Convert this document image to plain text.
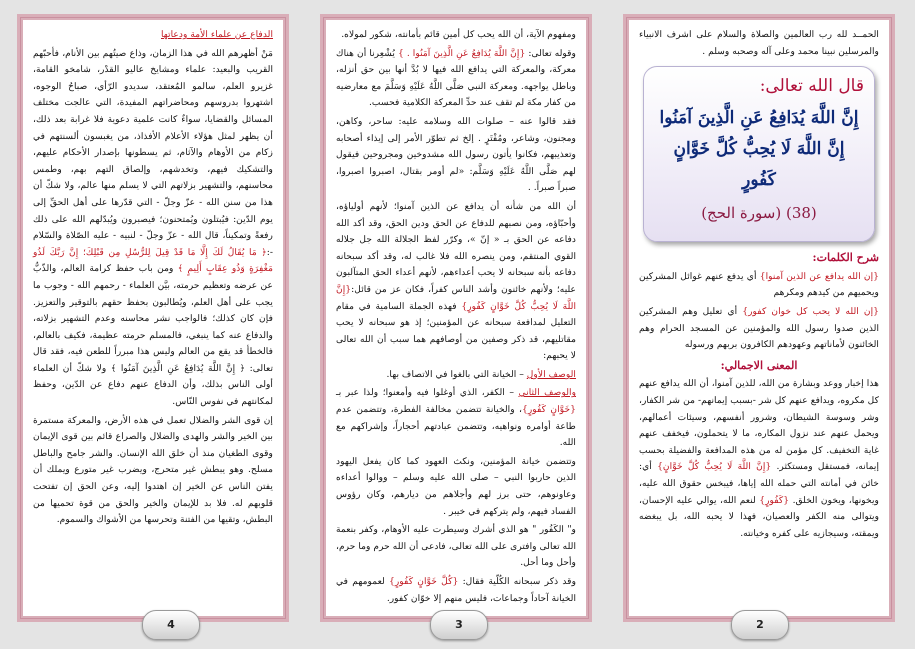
الحمــد لله رب العالمين والصلاة والسلام على اشرف الانبياء والمرسلين نبينا محمد وعلى آله وصحبه وسلم .
قال الله تعالى:
إِنَّ اللَّهَ يُدَافِعُ عَنِ الَّذِينَ آمَنُوا إِنَّ اللَّهَ لَا يُحِبُّ كُلَّ خَوَّانٍ كَفُورٍ
(38) (سورة الحج)
شرح الكلمات:
{إن الله يدافع عن الذين آمنوا} أي يدفع عنهم غوائل المشركين ويحميهم من كيدهم ومكرهم
{إن الله لا يحب كل خوان كفور} أي تعليل وهم المشركين الذين صدوا رسول الله والمؤمنين عن المسجد الحرام وهم الخائنون لأماناتهم وعهودهم الكافرون بربهم ورسوله
المعنى الاجمالي:
هذا إخبار ووعد وبشارة من الله، للذين آمنوا، أن الله يدافع عنهم كل مكروه، ويدافع عنهم كل شر -بسبب إيمانهم- من شر الكفار، وشر وسوسة الشيطان، وشرور أنفسهم، وسيئات أعمالهم، ويحمل عنهم عند نزول المكاره، ما لا يتحملون، فيخفف عنهم غاية التخفيف. كل مؤمن له من هذه المدافعة والفضيلة بحسب إيمانه، فمستقل ومستكثر. {إِنَّ اللَّهَ لَا يُحِبُّ كُلَّ خَوَّانٍ} أي: خائن في أمانته التي حمله الله إياها، فيبخس حقوق الله عليه، ويخونها، ويخون الخلق. {كَفُورٍ} لنعم الله، يوالي عليه الإحسان، ويتوالى منه الكفر والعصيان، فهذا لا يحبه الله، بل يبغضه ويمقته، وسيجازيه على كفره وخيانته.
ومفهوم الآية، أن الله يحب كل أمين قائم بأمانته، شكور لمولاه.
وقوله تعالى: {إِنَّ اللَّهَ يُدَافِعُ عَنِ الَّذِينَ آمَنُوا . } يُشْعِرنا أن هناك معركة، والمعركة التي يدافع الله فيها لا بُدَّ أنها بين حق أنزله، وباطل يواجهه. ومعركة النبي صَلَّى اللَّهُ عَلَيْهِ وَسَلَّمَ مع معارضيه من كفار مكة لم تقف عند حدِّ المعركة الكلامية فحسب.
فقد قالوا عنه – صلوات الله وسلامه عليه: ساحر، وكاهن، ومجنون، وشاعر، ومُفْتَرٍ . إلخ ثم تطوّر الأمر إلى إيذاء أصحابه وتعذيبهم، فكانوا يأتون رسول الله مشدوخين ومجروحين فيقول لهم صَلَّى اللَّهُ عَلَيْهِ وَسَلَّم: «لم أومر بقتال، اصبروا اصبروا، صبراً صبراً. .
أن الله من شأنه أن يدافع عن الذين آمنوا؛ لأنهم أولياؤه، وأحبّاؤه، ومن نصبهم للدفاع عن الحق ودين الحق، وقد أكد الله دفاعه عن الحق بـ « إنّ »، وكرّر لفظ الجلالة الله جل جلاله القوي المنتقم، ومن ينصره الله فلا غالب له، وقد أكد سبحانه دفاعه بأنه سبحانه لا يحب أعداءهم، لأنهم أعداء الحق المتآلبون عليه؛ ولأنهم خائنون وأشد الناس كفراً، فكان عز من قائل:{إِنَّ اللَّهَ لَا يُحِبُّ كُلَّ خَوَّانٍ كَفُورٍ} فهذه الجملة السامية في مقام التعليل لمدافعة سبحانه عن المؤمنين؛ إذ هو سبحانه لا يحب مقاتليهم، قد ذكر وصفين من أوصافهم هما سبب أن الله تعالى لا يحبهم:
الوصف الأول – الخيانة التي بالغوا في الاتصاف بها.
والوصف الثاني – الكفر، الذي أوغلوا فيه وأمعنوا؛ ولذا عبر بـ {خَوَّانٍ كَفُورٍ}، والخيانة تتضمن مخالفة الفطرة، وتتضمن عدم طاعة أوامره ونواهيه، وتتضمن عبادتهم أحجاراً، وإشراكهم مع الله.
وتتضمن خيانة المؤمنين، ونكث العهود كما كان يفعل اليهود الذين حاربوا النبي – صلى الله عليه وسلم – ووالوا أعداءه وعاونوهم، حتى برز لهم وأجلاهم من ديارهم، وكان رؤوس الفساد فيهم، ولم يتركهم في خيبر .
و" الكَفُور " هو الذي أشرك وسيطرت عليه الأوهام، وكفر بنعمة الله تعالى وافترى على الله تعالى، فادعى أن الله حرم وما حرم، وأحل وما أحل.
وقد ذكر سبحانه الكُلّية فقال: {كُلَّ خَوَّانٍ كَفُورٍ} لعمومهم في الخيانة آحاداً وجماعات، فليس منهم إلا خوّان كفور.
الدفاع عن علماء الأمة ودعاتها
مَنْ أظهرهم الله في هذا الزمان، وذاع صيتُهم بين الأنام، فأحبّهم القريب والبعيد: علماء ومشايخ عاليو القدْر، شامخو القامة، غزيرو العلم، سالمو المُعتقد، سديدو الرّأي، صباحُ الوجوه، اشتهروا بدروسهم ومحاضراتهم المفيدة، التي عالجت مختلف المسائل والقضايا، سواءٌ كانت علمية دعوية فلا غرابة بعد ذلك، أن يظهر لمثل هؤلاء الأعلام الأفذاذ، من يغبسون ألسنتهم في زكام من الأوهام والآثام، ثم يسطونها بإصدار الأحكام عليهم، والتشكيك فيهم، وتخدشهم، وإلصاق التهم بهم، وطمس محاسنهم، والتشهير بزلاتهم التي لا يسلم منها عالم، ولا شكّ أن هذا من سنن الله - عزّ وجلّ - التي قدّرها على أهل الحقِّ إلى يوم الدّين: فيُبتلون ويُمتحنون؛ فيصبرون ويُبدّلهم الله على ذلك رفعةً وتمكيناً، قال الله - عزّ وجلّ - لنبيه - عليه الصّلاة والسّلام -:﴿ مَا يُقَالُ لَكَ إِلَّا مَا قَدْ قِيلَ لِلرُّسُلِ مِن قَبْلِكَ؛ إِنَّ رَبَّكَ لَذُو مَغْفِرَةٍ وَذُو عِقَابٍ أَلِيمٍ ﴾ ومن باب حفظ كرامة العالم، والذّبُّ عن عرضه وتعظيم حرمته، بيَّن العلماء - رحمهم الله - وجوب ما يجب على أهل العلم، ويُطالبون بحفظ حقهم بالتوقير والتعزيز. فإن كان كذلك؛ فالواجب نشر محاسنه وعدم التشهير بزلاته، والدفاع عنه كما ينبغي، فالمسلم حرمته عظيمة، فكيف بالعالم، فالخطأ قد يقع من العالم وليس هذا مبرراً للطعن فيه، فقد قال تعالى: ﴿ إِنَّ اللَّهَ يُدَافِعُ عَنِ الَّذِينَ آمَنُوا ﴾ ولا شكّ أن العلماء أولى الناس بذلك، وأن الدفاع عنهم دفاع عن الدّين، وحفظ لمكانتهم في نفوس النّاس.
إن قوى الشر والضلال تعمل في هذه الأرض، والمعركة مستمرة بين الخير والشر والهدى والضلال والصراع قائم بين قوى الإيمان وقوى الطغيان منذ أن خلق الله الإنسان. والشر جامح والباطل مسلح. وهو يبطش غير متحرج، ويضرب غير متورع ويملك أن يفتن الناس عن الخير إن اهتدوا إليه، وعن الحق إن تفتحت قلوبهم له. فلا بد للإيمان والخير والحق من قوة تحميها من البطش، وتقيها من الفتنة وتحرسها من الأشواك والسموم.
2
3
4
